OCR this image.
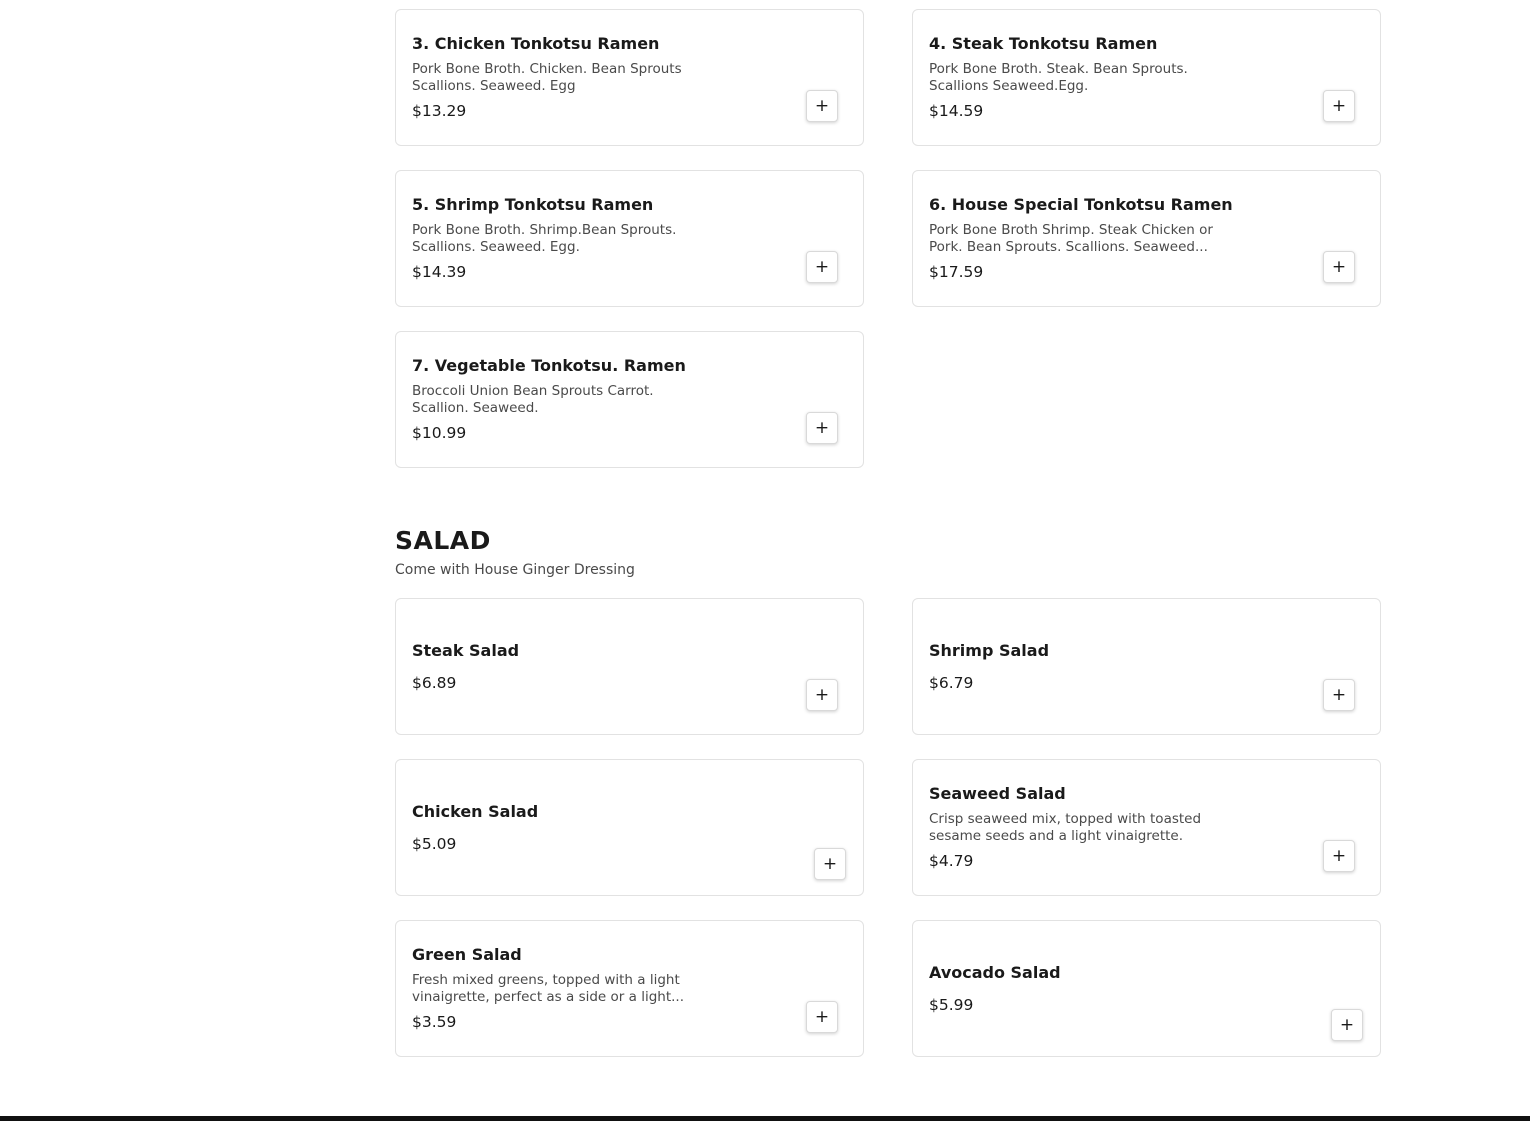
3. Chicken Tonkotsu Ramen
Pork Bone Broth. Chicken. Bean Sprouts Scallions. Seaweed. Egg
$13.29	+
4. Steak Tonkotsu Ramen
Pork Bone Broth. Steak. Bean Sprouts. Scallions Seaweed.Egg.
$14.59	+
5. Shrimp Tonkotsu Ramen
Pork Bone Broth. Shrimp.Bean Sprouts. Scallions. Seaweed. Egg.
$14.39	+
6. House Special Tonkotsu Ramen
Pork Bone Broth Shrimp. Steak Chicken or Pork. Bean Sprouts. Scallions. Seaweed...
$17.59	+
7. Vegetable Tonkotsu. Ramen
Broccoli Union Bean Sprouts Carrot. Scallion. Seaweed.
$10.99	+
SALAD
Come with House Ginger Dressing
Steak Salad
$6.89
+
Shrimp Salad
$6.79
+
Chicken Salad
$5.09
+
Seaweed Salad
Crisp seaweed mix, topped with toasted sesame seeds and a light vinaigrette.
$4.79	+
Green Salad
Fresh mixed greens, topped with a light vinaigrette, perfect as a side or a light...
$3.59	+
Avocado Salad
$5.99
+
